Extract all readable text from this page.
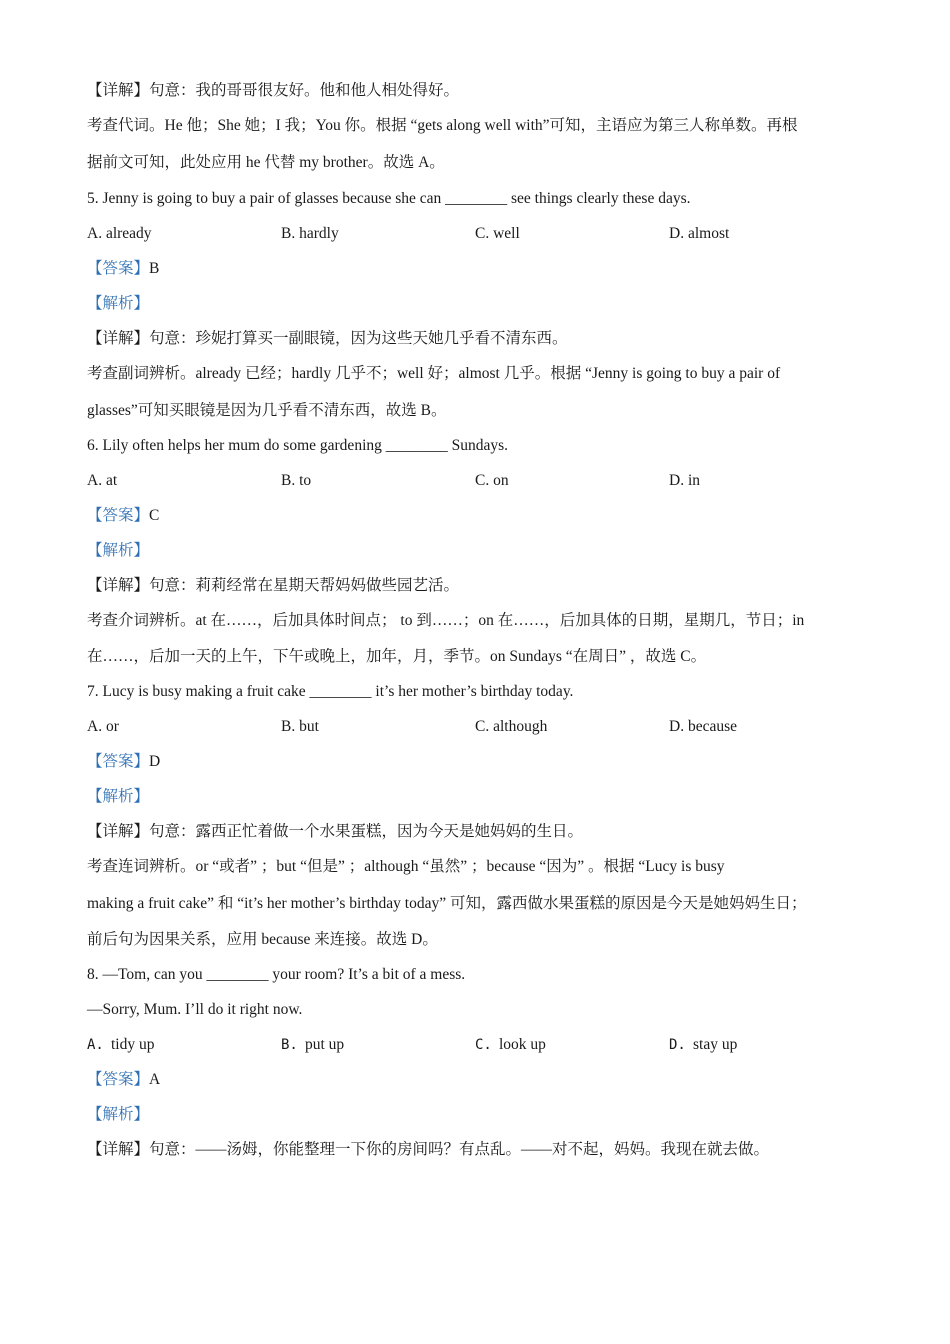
【详解】句意：我的哥哥很友好。他和他人相处得好。
考查代词。He 他；She 她；I 我；You 你。根据 “gets along well with”可知，主语应为第三人称单数。再根
据前文可知，此处应用 he 代替 my brother。故选 A。
5. Jenny is going to buy a pair of glasses because she can ________ see things clearly these days.
A. already	B. hardly	C. well	D. almost
【答案】B
【解析】
【详解】句意：珍妮打算买一副眼镜，因为这些天她几乎看不清东西。
考查副词辨析。already 已经；hardly 几乎不；well 好；almost 几乎。根据 “Jenny is going to buy a pair of
glasses”可知买眼镜是因为几乎看不清东西，故选 B。
6. Lily often helps her mum do some gardening ________ Sundays.
A. at	B. to	C. on	D. in
【答案】C
【解析】
【详解】句意：莉莉经常在星期天帮妈妈做些园艺活。
考查介词辨析。at 在……，后加具体时间点； to 到……；on 在……，后加具体的日期，星期几，节日；in
在……，后加一天的上午，下午或晚上，加年，月，季节。on Sundays “在周日” ，故选 C。
7. Lucy is busy making a fruit cake ________ it’s her mother’s birthday today.
A. or	B. but	C. although	D. because
【答案】D
【解析】
【详解】句意：露西正忙着做一个水果蛋糕，因为今天是她妈妈的生日。
考查连词辨析。or “或者” ；but “但是” ；although “虽然” ；because “因为” 。根据 “Lucy is busy
making a fruit cake” 和 “it’s her mother’s birthday today” 可知，露西做水果蛋糕的原因是今天是她妈妈生日；
前后句为因果关系，应用 because 来连接。故选 D。
8. —Tom, can you ________ your room? It’s a bit of a mess.
—Sorry, Mum. I’ll do it right now.
A. tidy up	B. put up	C. look up	D. stay up
【答案】A
【解析】
【详解】句意：——汤姆，你能整理一下你的房间吗？有点乱。——对不起，妈妈。我现在就去做。
